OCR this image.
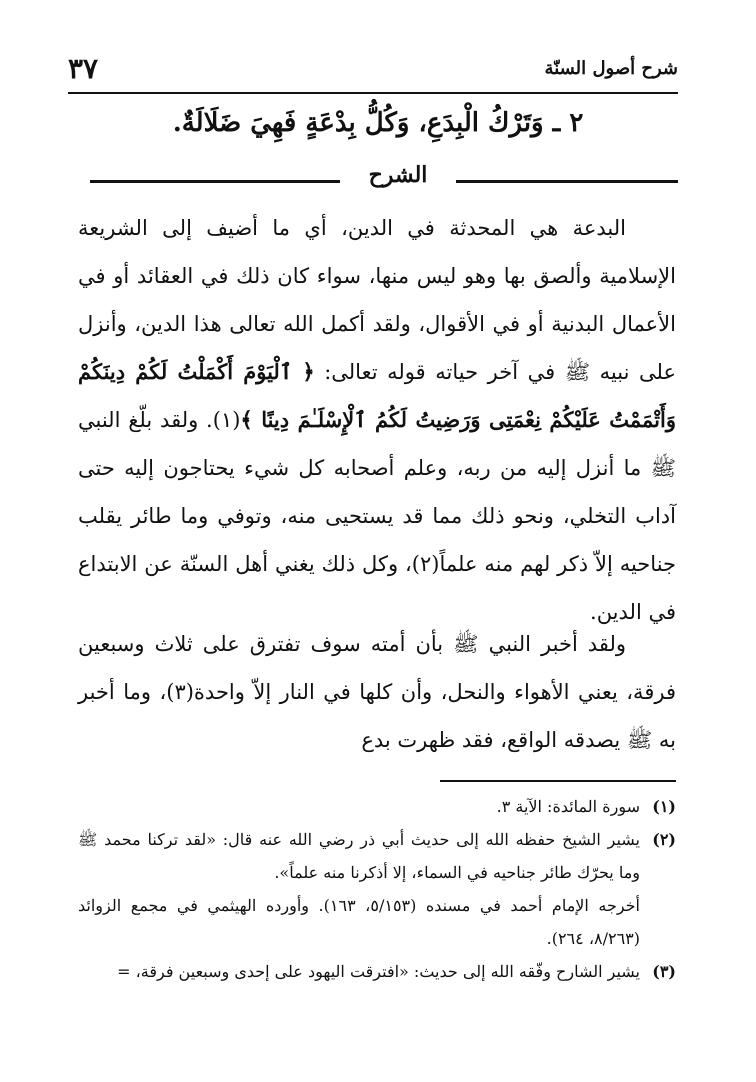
شرح أصول السنّة
٣٧
٢ ـ وَتَرْكُ الْبِدَعِ، وَكُلُّ بِدْعَةٍ فَهِيَ ضَلَالَةٌ.
الشرح

البدعة هي المحدثة في الدين، أي ما أضيف إلى الشريعة الإسلامية وألصق بها وهو ليس منها، سواء كان ذلك في العقائد أو في الأعمال البدنية أو في الأقوال، ولقد أكمل الله تعالى هذا الدين، وأنزل على نبيه ﷺ في آخر حياته قوله تعالى: ﴿ ٱلْيَوْمَ أَكْمَلْتُ لَكُمْ دِينَكُمْ وَأَتْمَمْتُ عَلَيْكُمْ نِعْمَتِى وَرَضِيتُ لَكُمُ ٱلْإِسْلَـٰمَ دِينًا ﴾(١). ولقد بلّغ النبي ﷺ ما أنزل إليه من ربه، وعلم أصحابه كل شيء يحتاجون إليه حتى آداب التخلي، ونحو ذلك مما قد يستحيى منه، وتوفي وما طائر يقلب جناحيه إلاّ ذكر لهم منه علماً(٢)، وكل ذلك يغني أهل السنّة عن الابتداع في الدين.

ولقد أخبر النبي ﷺ بأن أمته سوف تفترق على ثلاث وسبعين فرقة، يعني الأهواء والنحل، وأن كلها في النار إلاّ واحدة(٣)، وما أخبر به ﷺ يصدقه الواقع، فقد ظهرت بدع

(١)
سورة المائدة: الآية ٣.

(٢)
يشير الشيخ حفظه الله إلى حديث أبي ذر رضي الله عنه قال: «لقد تركنا محمد ﷺ وما يحرّك طائر جناحيه في السماء، إلا أذكرنا منه علماً».

أخرجه الإمام أحمد في مسنده (٥/١٥٣، ١٦٣). وأورده الهيثمي في مجمع الزوائد (٨/٢٦٣، ٢٦٤).

(٣)
يشير الشارح وفّقه الله إلى حديث: «افترقت اليهود على إحدى وسبعين فرقة، =
